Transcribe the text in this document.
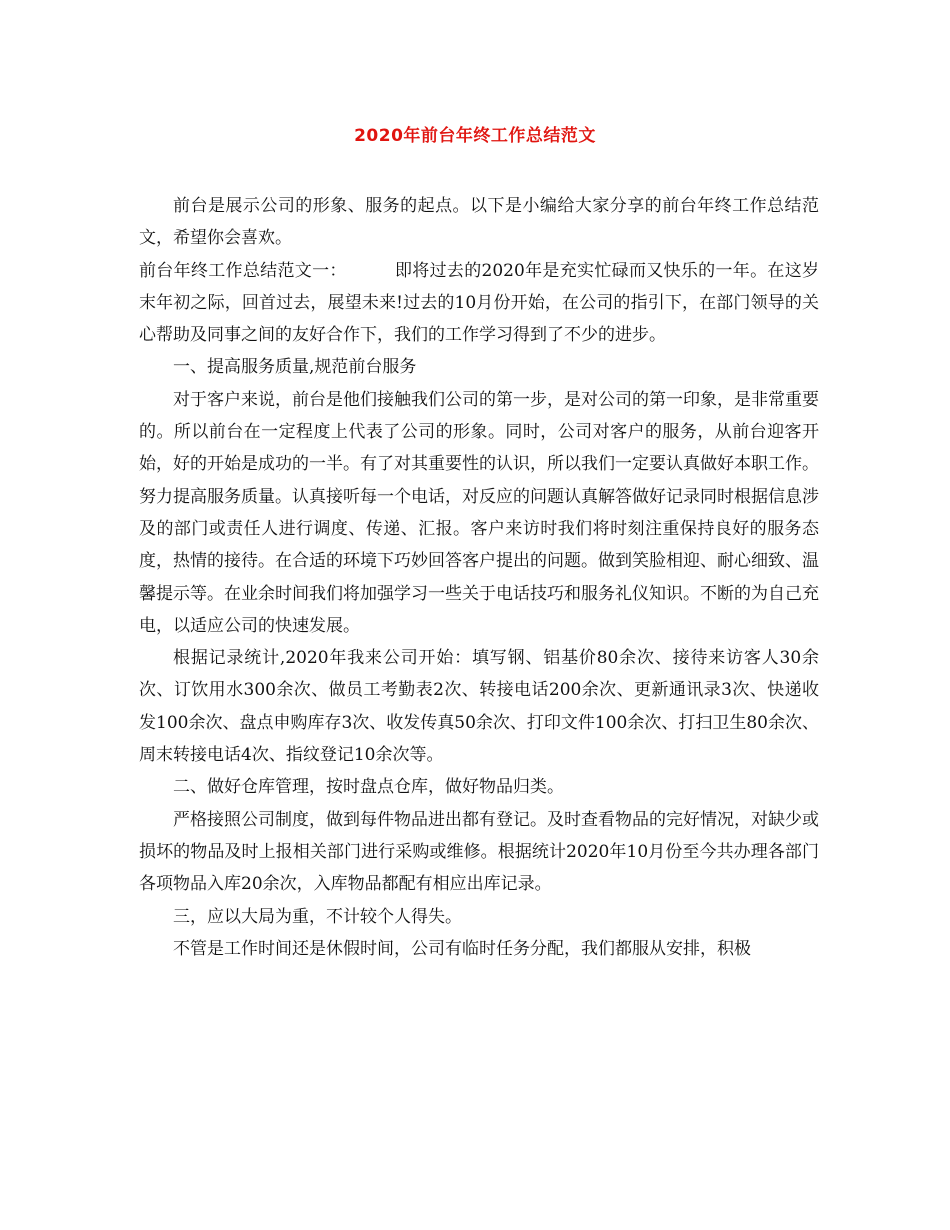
2020年前台年终工作总结范文

前台是展示公司的形象、服务的起点。以下是小编给大家分享的前台年终工作总结范文，希望你会喜欢。

前台年终工作总结范文一：	即将过去的2020年是充实忙碌而又快乐的一年。在这岁末年初之际，回首过去，展望未来!过去的10月份开始，在公司的指引下，在部门领导的关心帮助及同事之间的友好合作下，我们的工作学习得到了不少的进步。

一、提高服务质量,规范前台服务

对于客户来说，前台是他们接触我们公司的第一步，是对公司的第一印象，是非常重要的。所以前台在一定程度上代表了公司的形象。同时，公司对客户的服务，从前台迎客开始，好的开始是成功的一半。有了对其重要性的认识，所以我们一定要认真做好本职工作。努力提高服务质量。认真接听每一个电话，对反应的问题认真解答做好记录同时根据信息涉及的部门或责任人进行调度、传递、汇报。客户来访时我们将时刻注重保持良好的服务态度，热情的接待。在合适的环境下巧妙回答客户提出的问题。做到笑脸相迎、耐心细致、温馨提示等。在业余时间我们将加强学习一些关于电话技巧和服务礼仪知识。不断的为自己充电，以适应公司的快速发展。

根据记录统计,2020年我来公司开始：填写钢、铝基价80余次、接待来访客人30余次、订饮用水300余次、做员工考勤表2次、转接电话200余次、更新通讯录3次、快递收发100余次、盘点申购库存3次、收发传真50余次、打印文件100余次、打扫卫生80余次、周末转接电话4次、指纹登记10余次等。

二、做好仓库管理，按时盘点仓库，做好物品归类。

严格接照公司制度，做到每件物品进出都有登记。及时查看物品的完好情况，对缺少或损坏的物品及时上报相关部门进行采购或维修。根据统计2020年10月份至今共办理各部门各项物品入库20余次，入库物品都配有相应出库记录。

三，应以大局为重，不计较个人得失。

不管是工作时间还是休假时间，公司有临时任务分配，我们都服从安排，积极
